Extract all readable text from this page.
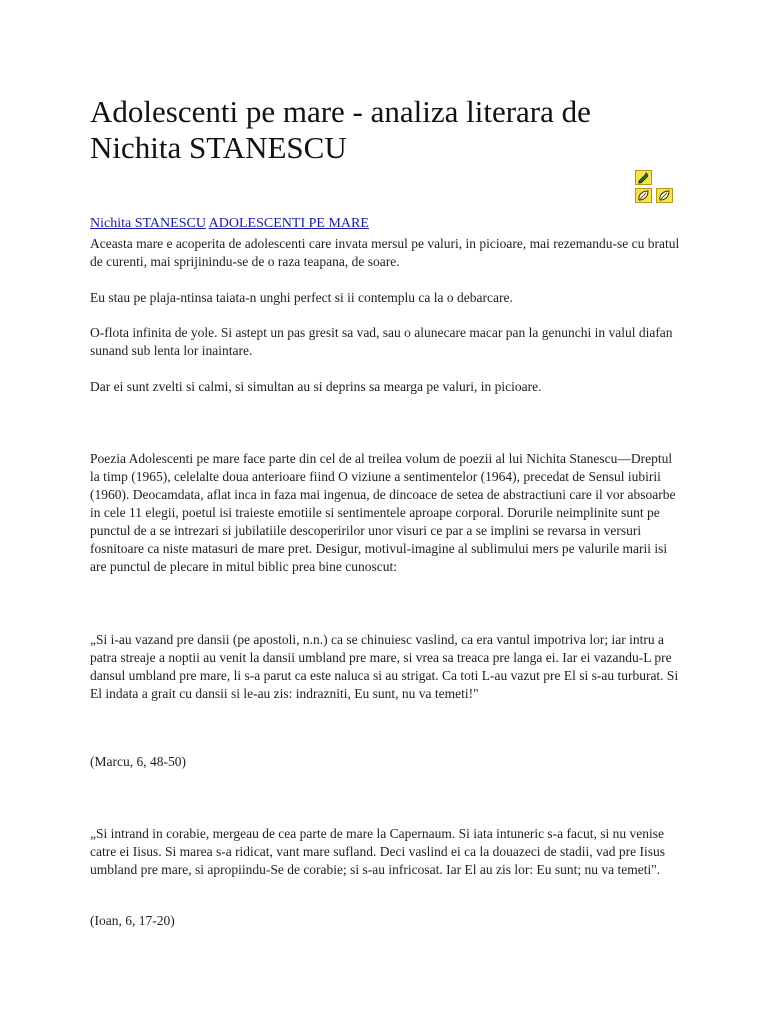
Adolescenti pe mare - analiza literara de Nichita STANESCU
Nichita STANESCU ADOLESCENTI PE MARE

Aceasta mare e acoperita de adolescenti care invata mersul pe valuri, in picioare, mai rezemandu-se cu bratul de curenti, mai sprijinindu-se de o raza teapana, de soare.

Eu stau pe plaja-ntinsa taiata-n unghi perfect si ii contemplu ca la o debarcare.

O-flota infinita de yole. Si astept un pas gresit sa vad, sau o alunecare macar pan la genunchi in valul diafan sunand sub lenta lor inaintare.

Dar ei sunt zvelti si calmi, si simultan au si deprins sa mearga pe valuri, in picioare.

Poezia Adolescenti pe mare face parte din cel de al treilea volum de poezii al lui Nichita Stanescu—Dreptul la timp (1965), celelalte doua anterioare fiind O viziune a sentimentelor (1964), precedat de Sensul iubirii (1960). Deocamdata, aflat inca in faza mai ingenua, de dincoace de setea de abstractiuni care il vor absoarbe in cele 11 elegii, poetul isi traieste emotiile si sentimentele aproape corporal. Dorurile neimplinite sunt pe punctul de a se intrezari si jubilatiile descoperirilor unor visuri ce par a se implini se revarsa in versuri fosnitoare ca niste matasuri de mare pret. Desigur, motivul-imagine al sublimului mers pe valurile marii isi are punctul de plecare in mitul biblic prea bine cunoscut:

„Si i-au vazand pre dansii (pe apostoli, n.n.) ca se chinuiesc vaslind, ca era vantul impotriva lor; iar intru a patra streaje a noptii au venit la dansii umbland pre mare, si vrea sa treaca pre langa ei. Iar ei vazandu-L pre dansul umbland pre mare, li s-a parut ca este naluca si au strigat. Ca toti L-au vazut pre El si s-au turburat. Si El indata a grait cu dansii si le-au zis: indrazniti, Eu sunt, nu va temeti!"

(Marcu, 6, 48-50)

„Si intrand in corabie, mergeau de cea parte de mare la Capernaum. Si iata intuneric s-a facut, si nu venise catre ei Iisus. Si marea s-a ridicat, vant mare sufland. Deci vaslind ei ca la douazeci de stadii, vad pre Iisus umbland pre mare, si apropiindu-Se de corabie; si s-au infricosat. Iar El au zis lor: Eu sunt; nu va temeti".

(Ioan, 6, 17-20)
